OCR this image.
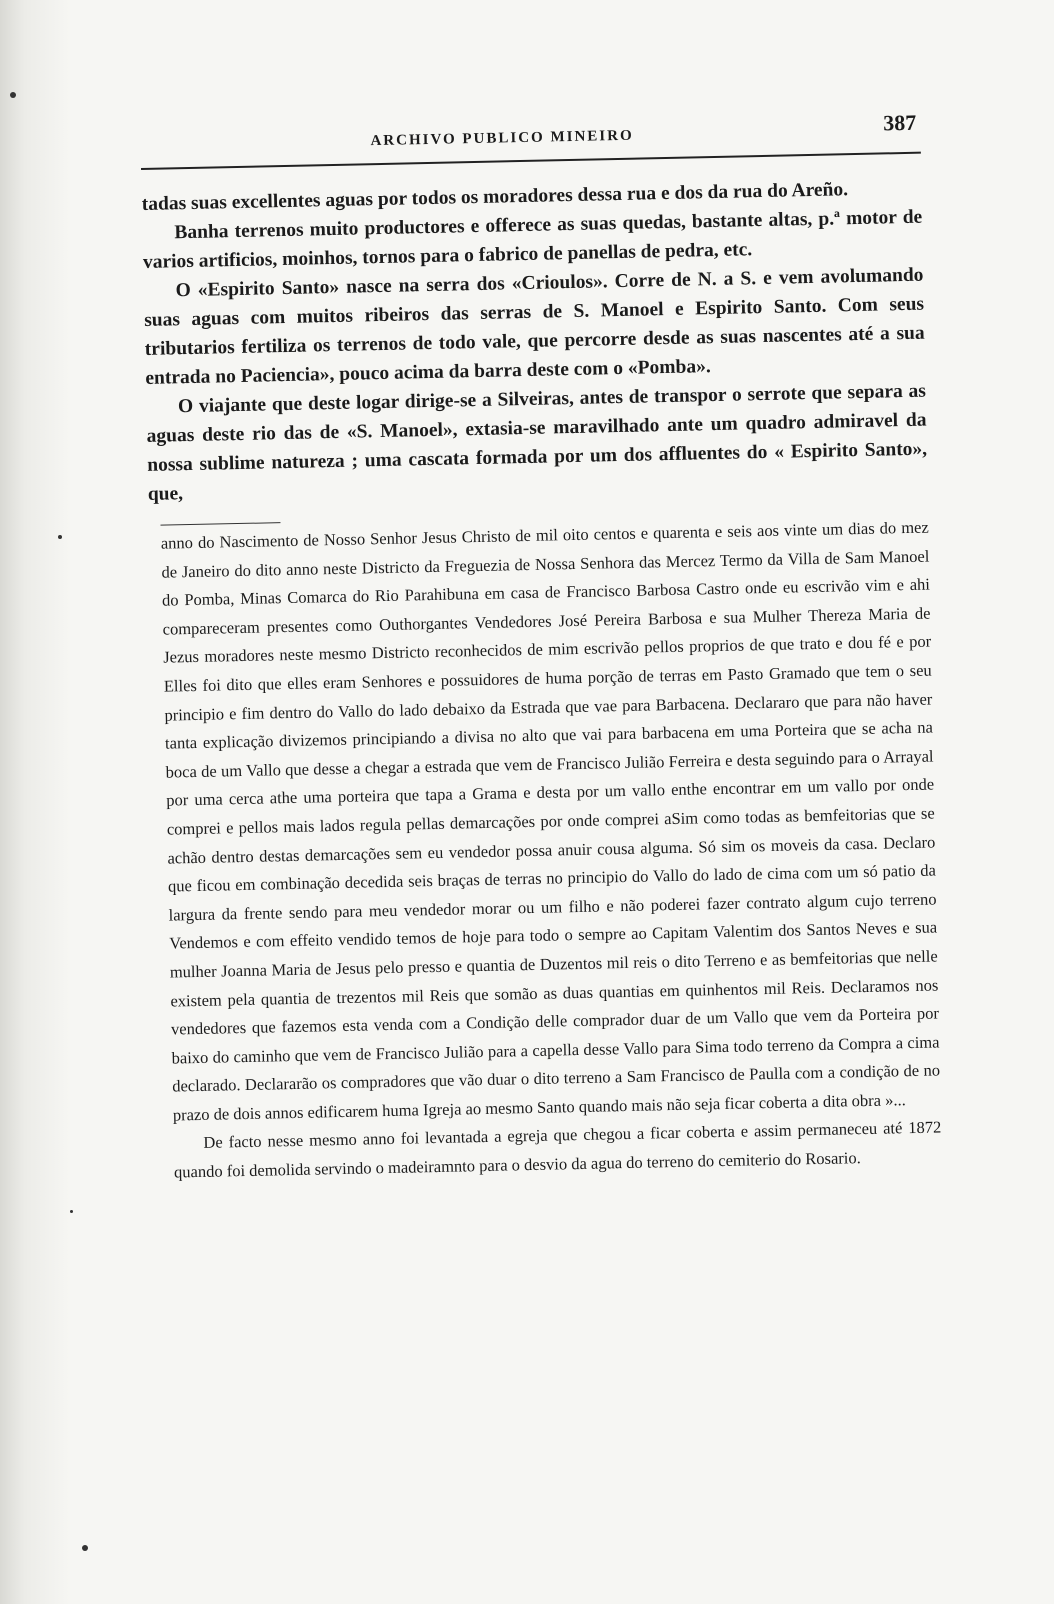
ARCHIVO PUBLICO MINEIRO
387

tadas suas excellentes aguas por todos os moradores dessa rua e dos da rua do Areño.

Banha terrenos muito productores e offerece as suas quedas, bastante altas, p.ª motor de varios artificios, moinhos, tornos para o fabrico de panellas de pedra, etc.

O «Espirito Santo» nasce na serra dos «Crioulos». Corre de N. a S. e vem avolumando suas aguas com muitos ribeiros das serras de S. Manoel e Espirito Santo. Com seus tributarios fertiliza os terrenos de todo vale, que percorre desde as suas nascentes até a sua entrada no Paciencia», pouco acima da barra deste com o «Pomba».

O viajante que deste logar dirige-se a Silveiras, antes de transpor o serrote que separa as aguas deste rio das de «S. Manoel», extasia-se maravilhado ante um quadro admiravel da nossa sublime natureza ; uma cascata formada por um dos affluentes do « Espirito Santo», que,

anno do Nascimento de Nosso Senhor Jesus Christo de mil oito centos e quarenta e seis aos vinte um dias do mez de Janeiro do dito anno neste Districto da Freguezia de Nossa Senhora das Mercez Termo da Villa de Sam Manoel do Pomba, Minas Comarca do Rio Parahibuna em casa de Francisco Barbosa Castro onde eu escrivão vim e ahi compareceram presentes como Outhorgantes Vendedores José Pereira Barbosa e sua Mulher Thereza Maria de Jezus moradores neste mesmo Districto reconhecidos de mim escrivão pellos proprios de que trato e dou fé e por Elles foi dito que elles eram Senhores e possuidores de huma porção de terras em Pasto Gramado que tem o seu principio e fim dentro do Vallo do lado debaixo da Estrada que vae para Barbacena. Declararo que para não haver tanta explicação divizemos principiando a divisa no alto que vai para barbacena em uma Porteira que se acha na boca de um Vallo que desse a chegar a estrada que vem de Francisco Julião Ferreira e desta seguindo para o Arrayal por uma cerca athe uma porteira que tapa a Grama e desta por um vallo enthe encontrar em um vallo por onde comprei e pellos mais lados regula pellas demarcações por onde comprei aSim como todas as bemfeitorias que se achão dentro destas demarcações sem eu vendedor possa anuir cousa alguma. Só sim os moveis da casa. Declaro que ficou em combinação decedida seis braças de terras no principio do Vallo do lado de cima com um só patio da largura da frente sendo para meu vendedor morar ou um filho e não poderei fazer contrato algum cujo terreno Vendemos e com effeito vendido temos de hoje para todo o sempre ao Capitam Valentim dos Santos Neves e sua mulher Joanna Maria de Jesus pelo presso e quantia de Duzentos mil reis o dito Terreno e as bemfeitorias que nelle existem pela quantia de trezentos mil Reis que somão as duas quantias em quinhentos mil Reis. Declaramos nos vendedores que fazemos esta venda com a Condição delle comprador duar de um Vallo que vem da Porteira por baixo do caminho que vem de Francisco Julião para a capella desse Vallo para Sima todo terreno da Compra a cima declarado. Declararão os compradores que vão duar o dito terreno a Sam Francisco de Paulla com a condição de no prazo de dois annos edificarem huma Igreja ao mesmo Santo quando mais não seja ficar coberta a dita obra »...

De facto nesse mesmo anno foi levantada a egreja que chegou a ficar coberta e assim permaneceu até 1872 quando foi demolida servindo o madeiramnto para o desvio da agua do terreno do cemiterio do Rosario.
